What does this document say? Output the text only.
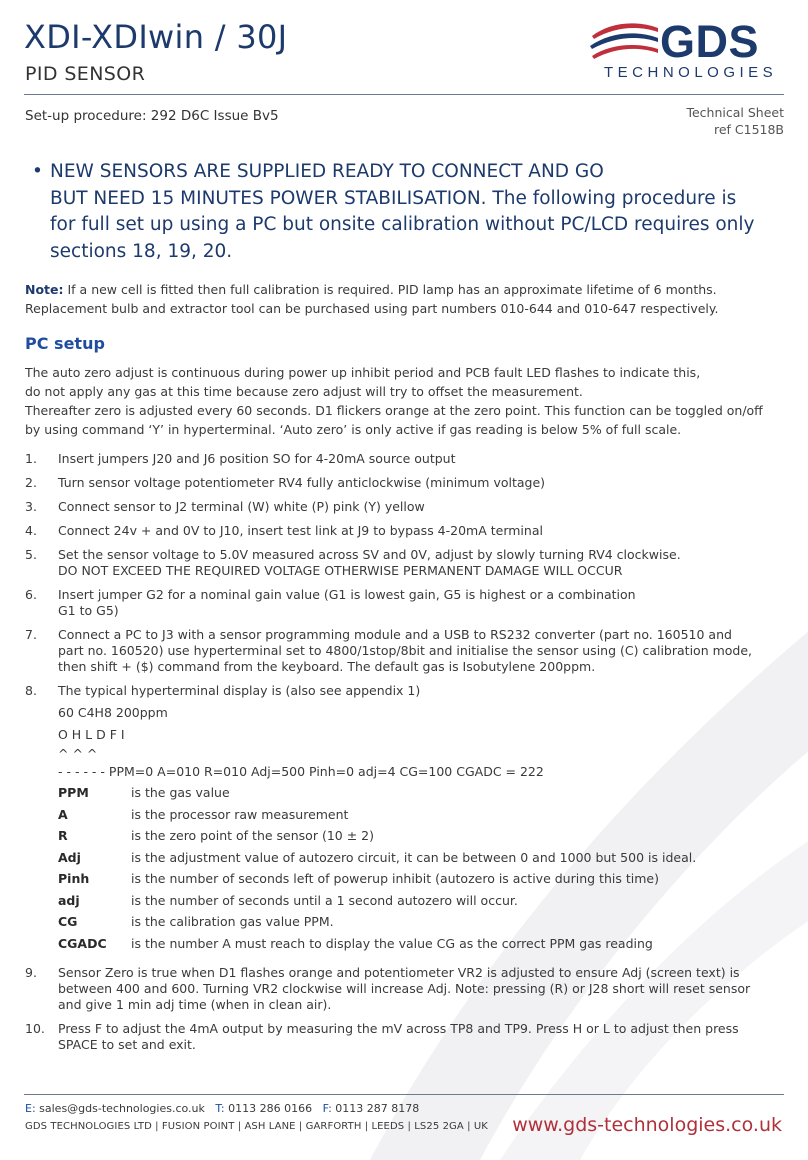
XDI-XDIwin / 30J
PID SENSOR
GDS
TECHNOLOGIES
Set-up procedure: 292 D6C Issue Bv5	Technical Sheet
ref C1518B
• NEW SENSORS ARE SUPPLIED READY TO CONNECT AND GO
BUT NEED 15 MINUTES POWER STABILISATION. The following procedure is
for full set up using a PC but onsite calibration without PC/LCD requires only
sections 18, 19, 20.
Note: If a new cell is fitted then full calibration is required. PID lamp has an approximate lifetime of 6 months.
Replacement bulb and extractor tool can be purchased using part numbers 010-644 and 010-647 respectively.
PC setup
The auto zero adjust is continuous during power up inhibit period and PCB fault LED flashes to indicate this,
do not apply any gas at this time because zero adjust will try to offset the measurement.
Thereafter zero is adjusted every 60 seconds. D1 flickers orange at the zero point. This function can be toggled on/off
by using command ‘Y’ in hyperterminal. ‘Auto zero’ is only active if gas reading is below 5% of full scale.
1. Insert jumpers J20 and J6 position SO for 4-20mA source output
2. Turn sensor voltage potentiometer RV4 fully anticlockwise (minimum voltage)
3. Connect sensor to J2 terminal (W) white (P) pink (Y) yellow
4. Connect 24v + and 0V to J10, insert test link at J9 to bypass 4-20mA terminal
5. Set the sensor voltage to 5.0V measured across SV and 0V, adjust by slowly turning RV4 clockwise.
DO NOT EXCEED THE REQUIRED VOLTAGE OTHERWISE PERMANENT DAMAGE WILL OCCUR
6. Insert jumper G2 for a nominal gain value (G1 is lowest gain, G5 is highest or a combination
G1 to G5)
7. Connect a PC to J3 with a sensor programming module and a USB to RS232 converter (part no. 160510 and
part no. 160520) use hyperterminal set to 4800/1stop/8bit and initialise the sensor using (C) calibration mode,
then shift + ($) command from the keyboard. The default gas is Isobutylene 200ppm.
8. The typical hyperterminal display is (also see appendix 1)
60 C4H8 200ppm
O H L D F I
^ ^ ^
- - - - - - PPM=0 A=010 R=010 Adj=500 Pinh=0 adj=4 CG=100 CGADC = 222
PPM	is the gas value
A	is the processor raw measurement
R	is the zero point of the sensor (10 ± 2)
Adj	is the adjustment value of autozero circuit, it can be between 0 and 1000 but 500 is ideal.
Pinh	is the number of seconds left of powerup inhibit (autozero is active during this time)
adj	is the number of seconds until a 1 second autozero will occur.
CG	is the calibration gas value PPM.
CGADC is the number A must reach to display the value CG as the correct PPM gas reading
9. Sensor Zero is true when D1 flashes orange and potentiometer VR2 is adjusted to ensure Adj (screen text) is
between 400 and 600. Turning VR2 clockwise will increase Adj. Note: pressing (R) or J28 short will reset sensor
and give 1 min adj time (when in clean air).
10. Press F to adjust the 4mA output by measuring the mV across TP8 and TP9. Press H or L to adjust then press
SPACE to set and exit.
E: sales@gds-technologies.co.uk T: 0113 286 0166 F: 0113 287 8178
GDS TECHNOLOGIES LTD | FUSION POINT | ASH LANE | GARFORTH | LEEDS | LS25 2GA | UK www.gds-technologies.co.uk
